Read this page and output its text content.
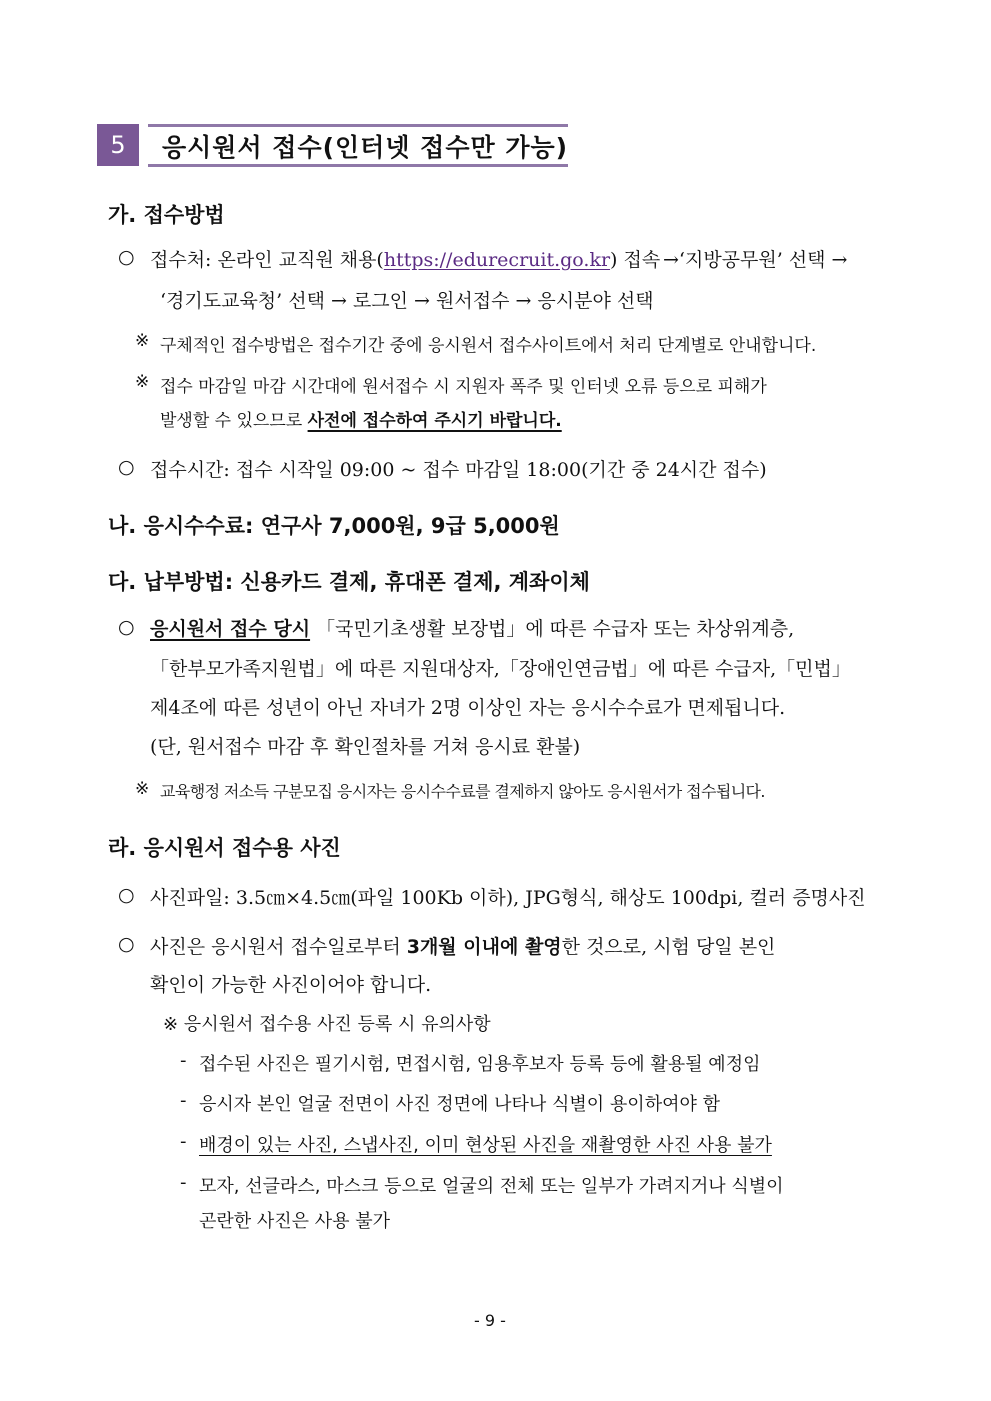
5	응시원서 접수(인터넷 접수만 가능)
가. 접수방법
○ 접수처: 온라인 교직원 채용(https://edurecruit.go.kr) 접속 →‘지방공무원’ 선택 →
‘경기도교육청’ 선택 → 로그인 → 원서접수 → 응시분야 선택
※ 구체적인 접수방법은 접수기간 중에 응시원서 접수사이트에서 처리 단계별로 안내합니다.
※ 접수 마감일 마감 시간대에 원서접수 시 지원자 폭주 및 인터넷 오류 등으로 피해가
발생할 수 있으므로 사전에 접수하여 주시기 바랍니다.
○ 접수시간: 접수 시작일 09:00 ~ 접수 마감일 18:00(기간 중 24시간 접수)
나. 응시수수료: 연구사 7,000원, 9급 5,000원
다. 납부방법: 신용카드 결제, 휴대폰 결제, 계좌이체
○ 응시원서 접수 당시 「국민기초생활 보장법」에 따른 수급자 또는 차상위계층,
「한부모가족지원법」에 따른 지원대상자,「장애인연금법」에 따른 수급자,「민법」
제4조에 따른 성년이 아닌 자녀가 2명 이상인 자는 응시수수료가 면제됩니다.
(단, 원서접수 마감 후 확인절차를 거쳐 응시료 환불)
※ 교육행정 저소득 구분모집 응시자는 응시수수료를 결제하지 않아도 응시원서가 접수됩니다.
라. 응시원서 접수용 사진
○ 사진파일: 3.5㎝×4.5㎝(파일 100Kb 이하), JPG형식, 해상도 100dpi, 컬러 증명사진
○ 사진은 응시원서 접수일로부터 3개월 이내에 촬영한 것으로, 시험 당일 본인
확인이 가능한 사진이어야 합니다.
※ 응시원서 접수용 사진 등록 시 유의사항
- 접수된 사진은 필기시험, 면접시험, 임용후보자 등록 등에 활용될 예정임
- 응시자 본인 얼굴 전면이 사진 정면에 나타나 식별이 용이하여야 함
- 배경이 있는 사진, 스냅사진, 이미 현상된 사진을 재촬영한 사진 사용 불가
- 모자, 선글라스, 마스크 등으로 얼굴의 전체 또는 일부가 가려지거나 식별이
곤란한 사진은 사용 불가
- 9 -
